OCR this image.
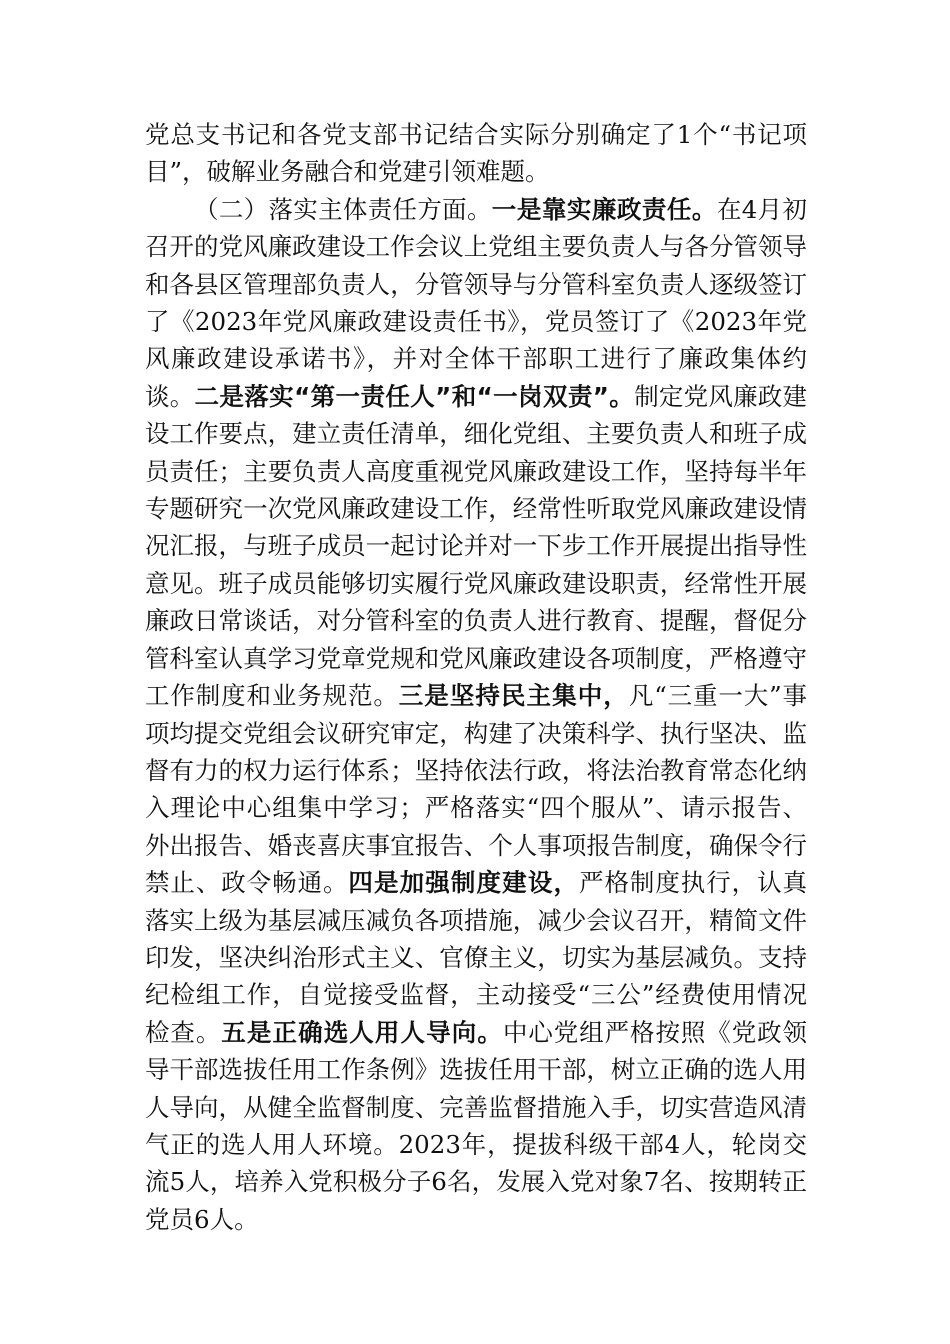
党总支书记和各党支部书记结合实际分别确定了1个“书记项目”，破解业务融合和党建引领难题。

（二）落实主体责任方面。一是靠实廉政责任。在4月初召开的党风廉政建设工作会议上党组主要负责人与各分管领导和各县区管理部负责人，分管领导与分管科室负责人逐级签订了《2023年党风廉政建设责任书》，党员签订了《2023年党风廉政建设承诺书》，并对全体干部职工进行了廉政集体约谈。二是落实“第一责任人”和“一岗双责”。制定党风廉政建设工作要点，建立责任清单，细化党组、主要负责人和班子成员责任；主要负责人高度重视党风廉政建设工作，坚持每半年专题研究一次党风廉政建设工作，经常性听取党风廉政建设情况汇报，与班子成员一起讨论并对一下步工作开展提出指导性意见。班子成员能够切实履行党风廉政建设职责，经常性开展廉政日常谈话，对分管科室的负责人进行教育、提醒，督促分管科室认真学习党章党规和党风廉政建设各项制度，严格遵守工作制度和业务规范。三是坚持民主集中，凡“三重一大”事项均提交党组会议研究审定，构建了决策科学、执行坚决、监督有力的权力运行体系；坚持依法行政，将法治教育常态化纳入理论中心组集中学习；严格落实“四个服从”、请示报告、外出报告、婚丧喜庆事宜报告、个人事项报告制度，确保令行禁止、政令畅通。四是加强制度建设，严格制度执行，认真落实上级为基层减压减负各项措施，减少会议召开，精简文件印发，坚决纠治形式主义、官僚主义，切实为基层减负。支持纪检组工作，自觉接受监督，主动接受“三公”经费使用情况检查。五是正确选人用人导向。中心党组严格按照《党政领导干部选拔任用工作条例》选拔任用干部，树立正确的选人用人导向，从健全监督制度、完善监督措施入手，切实营造风清气正的选人用人环境。2023年，提拔科级干部4人，轮岗交流5人，培养入党积极分子6名，发展入党对象7名、按期转正党员6人。
